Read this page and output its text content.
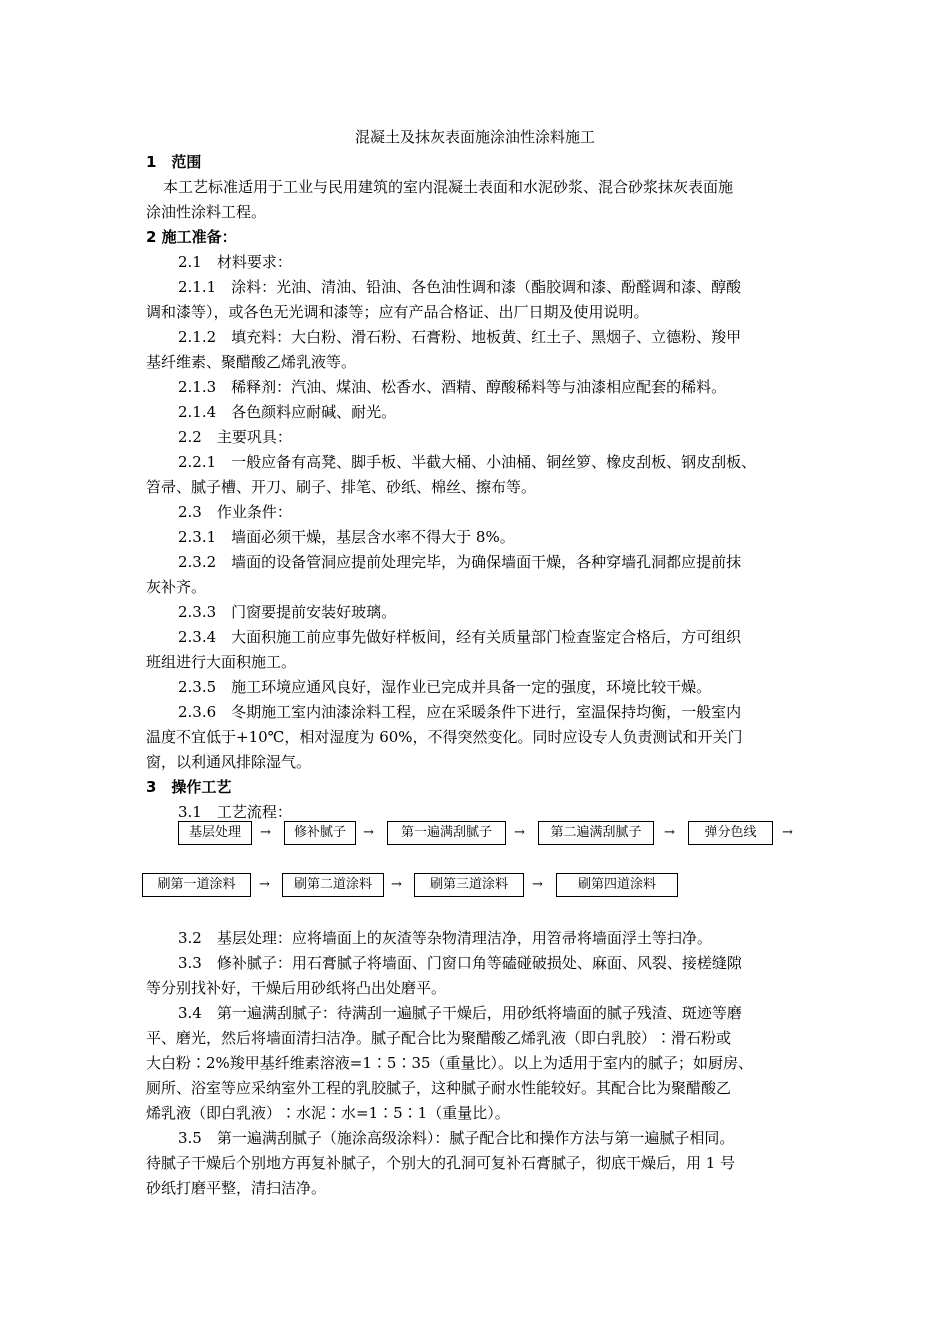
混凝土及抹灰表面施涂油性涂料施工
1　范围
本工艺标准适用于工业与民用建筑的室内混凝土表面和水泥砂浆、混合砂浆抹灰表面施
涂油性涂料工程。
2 施工准备：
2.1　材料要求：
2.1.1　涂料：光油、清油、铅油、各色油性调和漆（酯胶调和漆、酚醛调和漆、醇酸
调和漆等），或各色无光调和漆等；应有产品合格证、出厂日期及使用说明。
2.1.2　填充料：大白粉、滑石粉、石膏粉、地板黄、红土子、黑烟子、立德粉、羧甲
基纤维素、聚醋酸乙烯乳液等。
2.1.3　稀释剂：汽油、煤油、松香水、酒精、醇酸稀料等与油漆相应配套的稀料。
2.1.4　各色颜料应耐碱、耐光。
2.2　主要巩具：
2.2.1　一般应备有高凳、脚手板、半截大桶、小油桶、铜丝箩、橡皮刮板、钢皮刮板、
笤帚、腻子槽、开刀、刷子、排笔、砂纸、棉丝、擦布等。
2.3　作业条件：
2.3.1　墙面必须干燥，基层含水率不得大于 8%。
2.3.2　墙面的设备管洞应提前处理完毕，为确保墙面干燥，各种穿墙孔洞都应提前抹
灰补齐。
2.3.3　门窗要提前安装好玻璃。
2.3.4　大面积施工前应事先做好样板间，经有关质量部门检查鉴定合格后，方可组织
班组进行大面积施工。
2.3.5　施工环境应通风良好，湿作业已完成并具备一定的强度，环境比较干燥。
2.3.6　冬期施工室内油漆涂料工程，应在采暖条件下进行，室温保持均衡，一般室内
温度不宜低于+10℃，相对湿度为 60%，不得突然变化。同时应设专人负责测试和开关门
窗，以利通风排除湿气。
3　操作工艺
3.1　工艺流程：
基层处理	→	修补腻子	→	第一遍满刮腻子	→	第二遍满刮腻子	→	弹分色线	→
刷第一道涂料	→	刷第二道涂料	→	刷第三道涂料	→	刷第四道涂料
3.2　基层处理：应将墙面上的灰渣等杂物清理洁净，用笤帚将墙面浮土等扫净。
3.3　修补腻子：用石膏腻子将墙面、门窗口角等磕碰破损处、麻面、风裂、接槎缝隙
等分别找补好，干燥后用砂纸将凸出处磨平。
3.4　第一遍满刮腻子：待满刮一遍腻子干燥后，用砂纸将墙面的腻子残渣、斑迹等磨
平、磨光，然后将墙面清扫洁净。腻子配合比为聚醋酸乙烯乳液（即白乳胶）∶滑石粉或
大白粉∶2%羧甲基纤维素溶液=1∶5∶35（重量比）。以上为适用于室内的腻子；如厨房、
厕所、浴室等应采纳室外工程的乳胶腻子，这种腻子耐水性能较好。其配合比为聚醋酸乙
烯乳液（即白乳液）∶水泥∶水=1∶5∶1（重量比）。
3.5　第一遍满刮腻子（施涂高级涂料）：腻子配合比和操作方法与第一遍腻子相同。
待腻子干燥后个别地方再复补腻子，个别大的孔洞可复补石膏腻子，彻底干燥后，用 1 号
砂纸打磨平整，清扫洁净。
